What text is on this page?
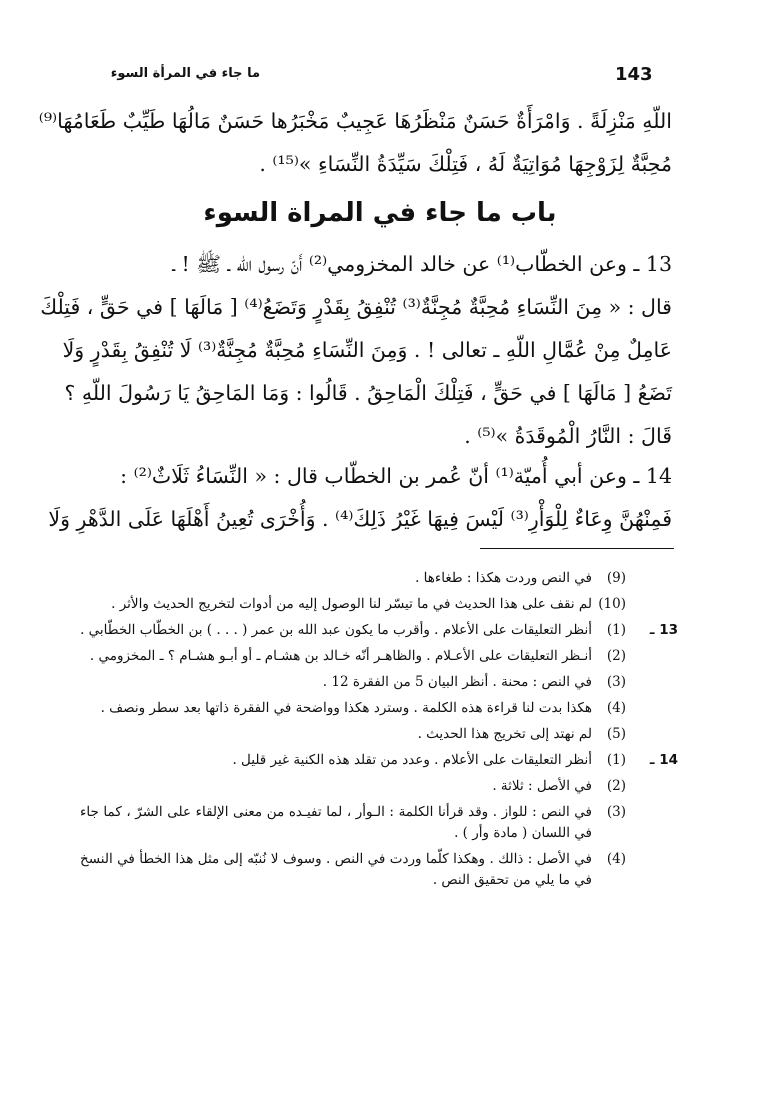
143
ما جاء في المرأة السوء
اللّهِ مَنْزِلَةً . وَامْرَأَةٌ حَسَنٌ مَنْظَرُهَا عَجِيبٌ مَخْبَرُها حَسَنٌ مَالُهَا طَيِّبٌ طَعَامُهَا⁽⁹⁾
مُحِبَّةٌ لِزَوْجِهَا مُوَاتِيَةٌ لَهُ ، فَتِلْكَ سَيِّدَةُ النِّسَاءِ »⁽¹⁵⁾ .
باب ما جاء في المراة السوء
13 ـ وعن الخطّاب⁽¹⁾ عن خالد المخزومي⁽²⁾ أَنّ رسول الله ـ ﷺ ! ـ
قال : « مِنَ النِّسَاءِ مُحِبَّةٌ مُجِنَّةٌ⁽³⁾ تُنْفِقُ بِقَدْرٍ وَتَضَعُ⁽⁴⁾ [ مَالَهَا ] في حَقٍّ ، فَتِلْكَ
عَامِلٌ مِنْ عُمَّالِ اللّهِ ـ تعالى ! . وَمِنَ النِّسَاءِ مُحِبَّةٌ مُجِنَّةٌ⁽³⁾ لَا تُنْفِقُ بِقَدْرٍ وَلَا
تَضَعُ [ مَالَهَا ] في حَقٍّ ، فَتِلْكَ الْمَاحِقُ . قَالُوا : وَمَا المَاحِقُ يَا رَسُولَ اللّهِ ؟
قَالَ : النَّارُ الْمُوقَدَةُ »⁽⁵⁾ .
14 ـ وعن أبي أُميّة⁽¹⁾ أنّ عُمر بن الخطّاب قال : « النِّسَاءُ ثَلَاثٌ⁽²⁾ :
فَمِنْهُنَّ وِعَاءٌ لِلْوَأْرِ⁽³⁾ لَيْسَ فِيهَا غَيْرُ ذَلِكَ⁽⁴⁾ . وَأُخْرَى تُعِينُ أَهْلَهَا عَلَى الدَّهْرِ وَلَا
(9)
في النص وردت هكذا : طغاءها .
(10)
لم نقف على هذا الحديث في ما تيسّر لنا الوصول إليه من أدوات لتخريج الحديث والأثر .
13 ـ
(1)
أنظر التعليقات على الأعلام . وأقرب ما يكون عبد الله بن عمر ( . . . ) بن الخطّاب الخطّابي .
(2)
أنـظر التعليقات على الأعـلام . والظاهـر أنّه خـالد بن هشـام ـ أو أبـو هشـام ؟ ـ المخزومي .
(3)
في النص : محنة . أنظر البيان 5 من الفقرة 12 .
(4)
هكذا بدت لنا قراءة هذه الكلمة . وسترد هكذا وواضحة في الفقرة ذاتها بعد سطر ونصف .
(5)
لم نهتد إلى تخريج هذا الحديث .
14 ـ
(1)
أنظر التعليقات على الأعلام . وعدد من تقلد هذه الكنية غير قليل .
(2)
في الأصل : ثلاثة .
(3)
في النص : للواز . وقد قرأنا الكلمة : الـوأر ، لما تفيـده من معنى الإلقاء على الشرّ ، كما جاء في اللسان ( مادة وأر ) .
(4)
في الأصل : ذالك . وهكذا كلّما وردت في النص . وسوف لا نُنبّه إلى مثل هذا الخطأ في النسخ في ما يلي من تحقيق النص .
